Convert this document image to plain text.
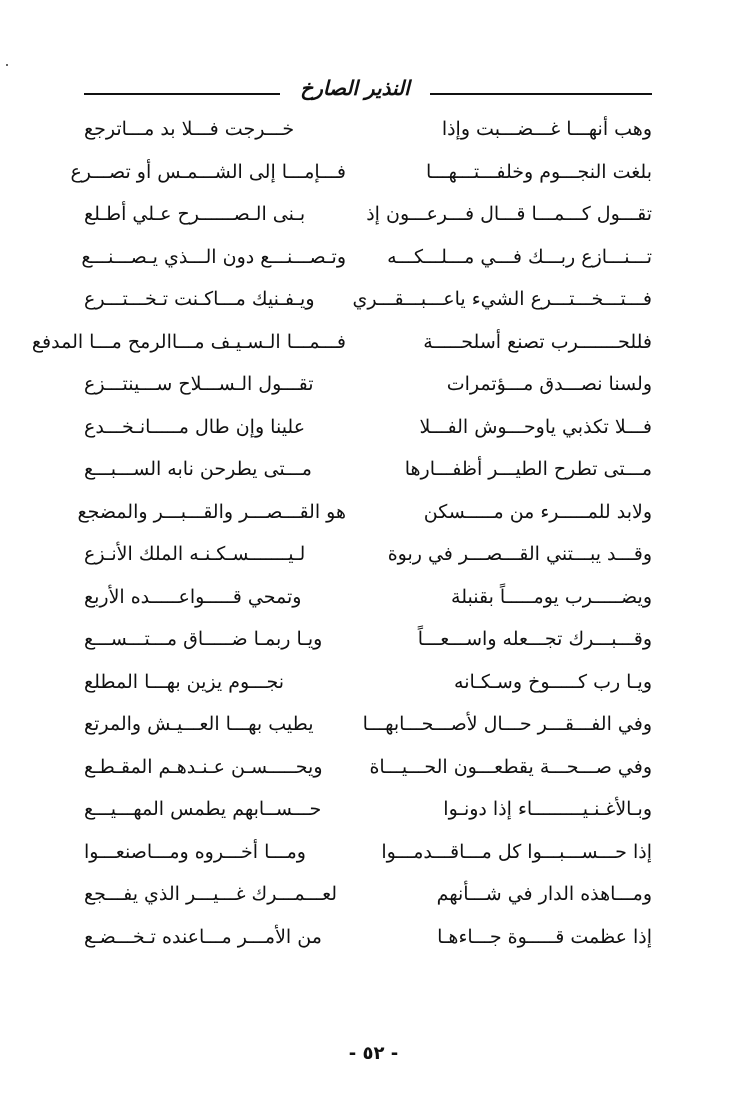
النذير الصارخ
وهب أنهـــا غـــضـــبت وإذا
خـــرجت فـــلا بد مـــاترجع
بلغت النجـــوم وخلفـــتـــهـــا
فـــإمـــا إلى الشـــمـس أو تصـــرع
تقـــول كـــمـــا قـــال فـــرعـــون إذ
بـنى الـصــــــرح عـلي أطـلع
تـــنـــازع ربـــك فـــي مـــلـــكـــه
وتـصـــنـــع دون الـــذي يـصـــنـــع
فـــتـــخـــتـــرع الشيء ياعـــبـــقـــري
ويـفـنيك مـــاكـنت تـخـــتـــرع
فللحـــــــرب تصنع أسلحـــــة
فـــمـــا الـسـيـف مـــاالرمح مـــا المدفع
ولسنا نصـــدق مـــؤتمرات
تقـــول الـســـلاح ســـينتـــزع
فـــلا تكذبي ياوحـــوش الفـــلا
علينا وإن طال مـــــانـخـــدع
مـــتى تطرح الطيـــر أظفـــارها
مـــتى يطرحن نابه الســـبـــع
ولابد للمـــــرء من مـــــسكن
هو القـــصـــر والقـــبـــر والمضجع
وقـــد يبـــتني القـــصـــر في ربوة
لـيـــــــسـكـنـه الملك الأنـزع
ويضـــــرب يومـــــاً بقنبلة
وتمحي قـــــواعـــــده الأربع
وقـــبـــرك تجـــعله واســـعـــاً
ويـا ربمـا ضـــــاق مـــتـــســـع
ويـا رب كـــــوخ وسـكـانه
نجـــوم يزين بهـــا المطلع
وفي الفـــقـــر حـــال لأصـــحـــابهـــا
يطيب بهـــا العـــيـش والمرتع
وفي صـــحـــة يقطعـــون الحـــيـــاة
ويحـــــسـن عـنـدهـم المقـطـع
وبـالأغـنـيـــــــــاء إذا دونـوا
حـــســابهم يطمس المهـــيـــع
إذا حـــســـبـــوا كل مـــاقـــدمـــوا
ومـــا أخـــروه ومـــاصنعـــوا
ومـــاهذه الدار في شـــأنهم
لعـــمـــرك غـــيـــر الذي يفـــجع
إذا عظمت قـــــوة جـــاءهـا
من الأمـــر مـــاعنده تـخـــضـع
- ٥٢ -
